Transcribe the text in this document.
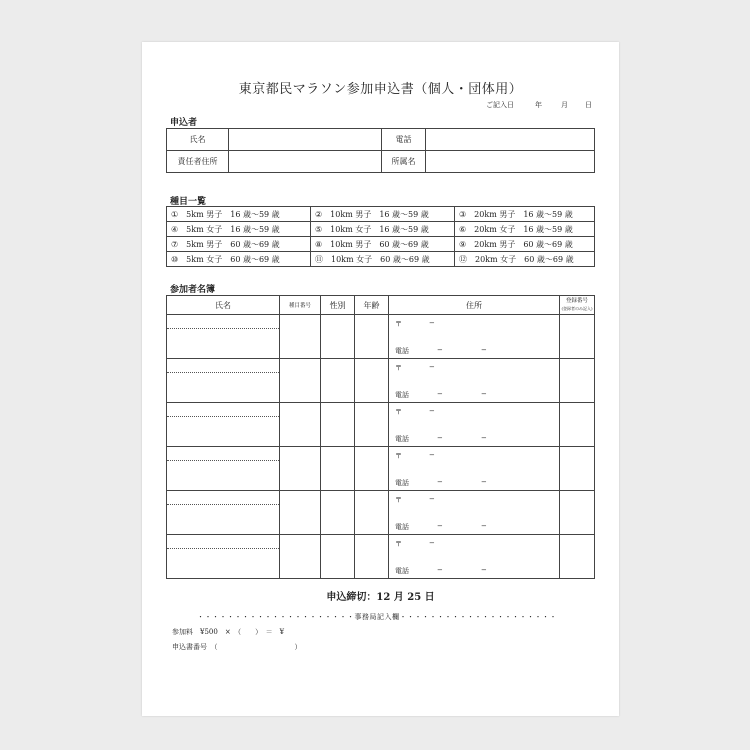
東京都民マラソン参加申込書（個人・団体用）
ご記入日	年	月 日
申込者
氏名		電話	
責任者住所		所属名	
種目一覧
①　5km 男子　16 歳〜59 歳	②　10km 男子　16 歳〜59 歳	③　20km 男子　16 歳〜59 歳
④　5km 女子　16 歳〜59 歳	⑤　10km 女子　16 歳〜59 歳	⑥　20km 女子　16 歳〜59 歳
⑦　5km 男子　60 歳〜69 歳	⑧　10km 男子　60 歳〜69 歳	⑨　20km 男子　60 歳〜69 歳
⑩　5km 女子　60 歳〜69 歳	⑪　10km 女子　60 歳〜69 歳	⑫　20km 女子　60 歳〜69 歳
参加者名簿
氏名	種目番号	性別	年齢	住所	登録番号
(登録者のみ記入)

				〒 −
電話 − −	

				〒 −
電話 − −	

				〒 −
電話 − −	

				〒 −
電話 − −	

				〒 −
電話 − −	

				〒 −
電話 − −	

申込締切：12 月 25 日
・・・・・・・・・・・・・・・・・・・・・事務局記入欄・・・・・・・・・・・・・・・・・・・・・
参加料　¥500　×　（　　）　＝　¥
申込書番号　（　　　　　　　　　　　）
